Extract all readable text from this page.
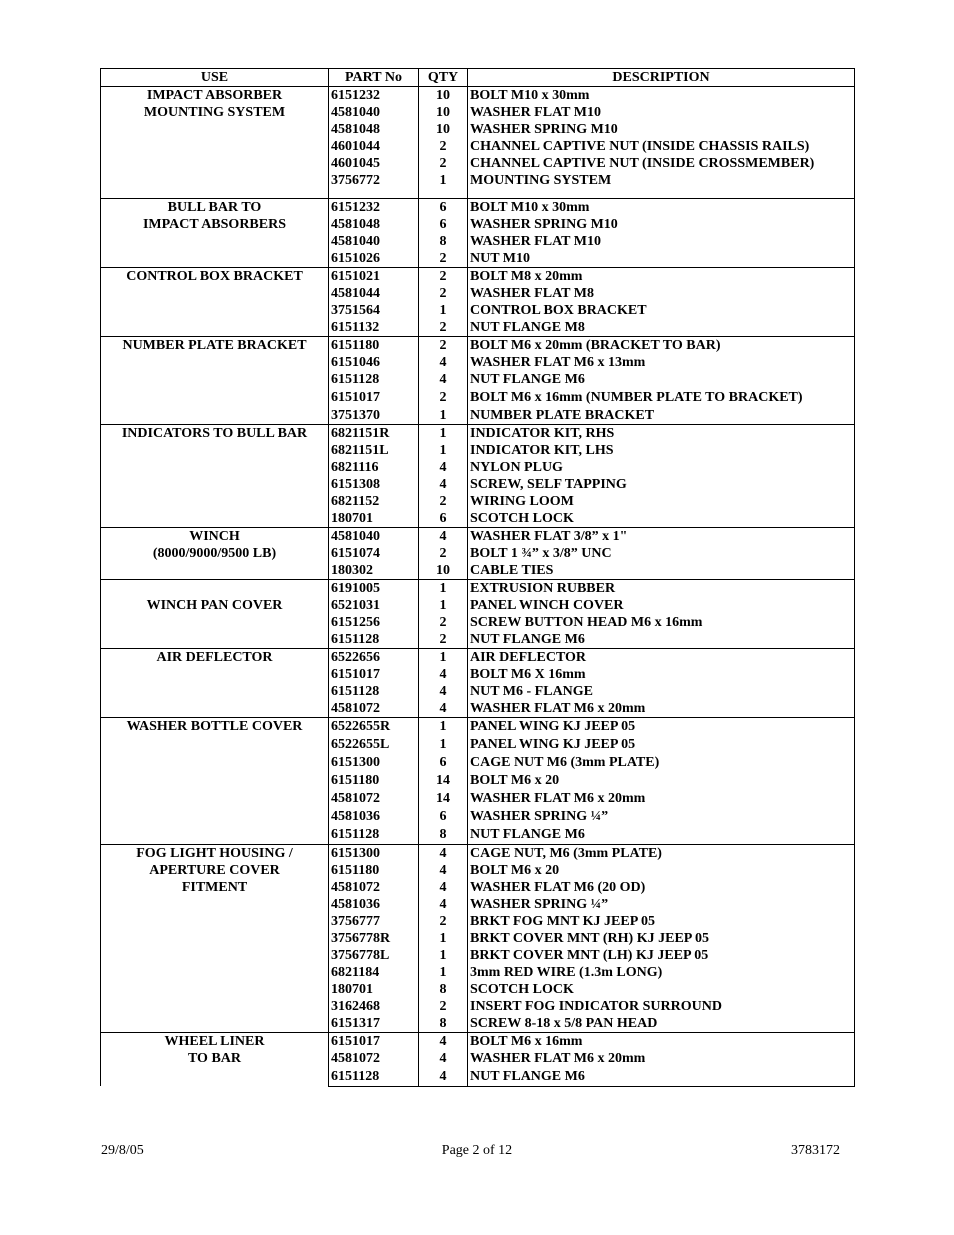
USE	PART No	QTY	DESCRIPTION

IMPACT ABSORBER
MOUNTING SYSTEM	6151232	10	BOLT M10 x 30mm
	4581040	10	WASHER FLAT M10
	4581048	10	WASHER SPRING M10
	4601044	2	CHANNEL CAPTIVE NUT (INSIDE CHASSIS RAILS)
	4601045	2	CHANNEL CAPTIVE NUT (INSIDE CROSSMEMBER)
	3756772	1	MOUNTING SYSTEM

BULL BAR TO
IMPACT ABSORBERS	6151232	6	BOLT M10 x 30mm
	4581048	6	WASHER SPRING M10
	4581040	8	WASHER FLAT M10
	6151026	2	NUT M10

CONTROL BOX BRACKET	6151021	2	BOLT M8 x 20mm
	4581044	2	WASHER FLAT M8
	3751564	1	CONTROL BOX BRACKET
	6151132	2	NUT FLANGE M8

NUMBER PLATE BRACKET	6151180	2	BOLT M6 x 20mm (BRACKET TO BAR)
	6151046	4	WASHER FLAT M6 x 13mm
	6151128	4	NUT FLANGE M6
	6151017	2	BOLT M6 x 16mm (NUMBER PLATE TO BRACKET)
	3751370	1	NUMBER PLATE BRACKET

INDICATORS TO BULL BAR	6821151R	1	INDICATOR KIT, RHS
	6821151L	1	INDICATOR KIT, LHS
	6821116	4	NYLON PLUG
	6151308	4	SCREW, SELF TAPPING
	6821152	2	WIRING LOOM
	180701	6	SCOTCH LOCK

WINCH
(8000/9000/9500 LB)	4581040	4	WASHER FLAT 3/8” x 1"
	6151074	2	BOLT 1 ¾” x 3/8” UNC
	180302	10	CABLE TIES

WINCH PAN COVER	6191005	1	EXTRUSION RUBBER
	6521031	1	PANEL WINCH COVER
	6151256	2	SCREW BUTTON HEAD M6 x 16mm
	6151128	2	NUT FLANGE M6

AIR DEFLECTOR	6522656	1	AIR DEFLECTOR
	6151017	4	BOLT M6 X 16mm
	6151128	4	NUT M6 - FLANGE
	4581072	4	WASHER FLAT M6 x 20mm

WASHER BOTTLE COVER	6522655R	1	PANEL WING KJ JEEP 05
	6522655L	1	PANEL WING KJ JEEP 05
	6151300	6	CAGE NUT M6 (3mm PLATE)
	6151180	14	BOLT M6 x 20
	4581072	14	WASHER FLAT M6 x 20mm
	4581036	6	WASHER SPRING ¼”
	6151128	8	NUT FLANGE M6

FOG LIGHT HOUSING /
APERTURE COVER
FITMENT	6151300	4	CAGE NUT, M6 (3mm PLATE)
	6151180	4	BOLT M6 x 20
	4581072	4	WASHER FLAT M6 (20 OD)
	4581036	4	WASHER SPRING ¼”
	3756777	2	BRKT FOG MNT KJ JEEP 05
	3756778R	1	BRKT COVER MNT (RH) KJ JEEP 05
	3756778L	1	BRKT COVER MNT (LH) KJ JEEP 05
	6821184	1	3mm RED WIRE (1.3m LONG)
	180701	8	SCOTCH LOCK
	3162468	2	INSERT FOG INDICATOR SURROUND
	6151317	8	SCREW 8-18 x 5/8 PAN HEAD

WHEEL LINER
TO BAR	6151017	4	BOLT M6 x 16mm
	4581072	4	WASHER FLAT M6 x 20mm
	6151128	4	NUT FLANGE M6
29/8/05	Page 2 of 12	3783172
